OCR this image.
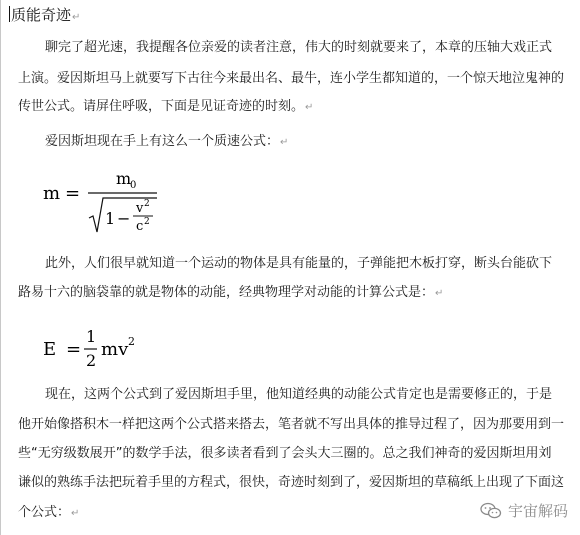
质能奇迹↵
聊完了超光速，我提醒各位亲爱的读者注意，伟大的时刻就要来了，本章的压轴大戏正式
上演。爱因斯坦马上就要写下古往今来最出名、最牛，连小学生都知道的，一个惊天地泣鬼神的
传世公式。请屏住呼吸，下面是见证奇迹的时刻。↵
爱因斯坦现在手上有这么一个质速公式：↵
m =
m
0
1 −
v 2
c 2
此外，人们很早就知道一个运动的物体是具有能量的，子弹能把木板打穿，断头台能砍下
路易十六的脑袋靠的就是物体的动能，经典物理学对动能的计算公式是：↵
E =
1
2
mv 2
现在，这两个公式到了爱因斯坦手里，他知道经典的动能公式肯定也是需要修正的，于是
他开始像搭积木一样把这两个公式搭来搭去，笔者就不写出具体的推导过程了，因为那要用到一
些“无穷级数展开”的数学手法，很多读者看到了会头大三圈的。总之我们神奇的爱因斯坦用刘
谦似的熟练手法把玩着手里的方程式，很快，奇迹时刻到了，爱因斯坦的草稿纸上出现了下面这
个公式：↵	宇宙解码
